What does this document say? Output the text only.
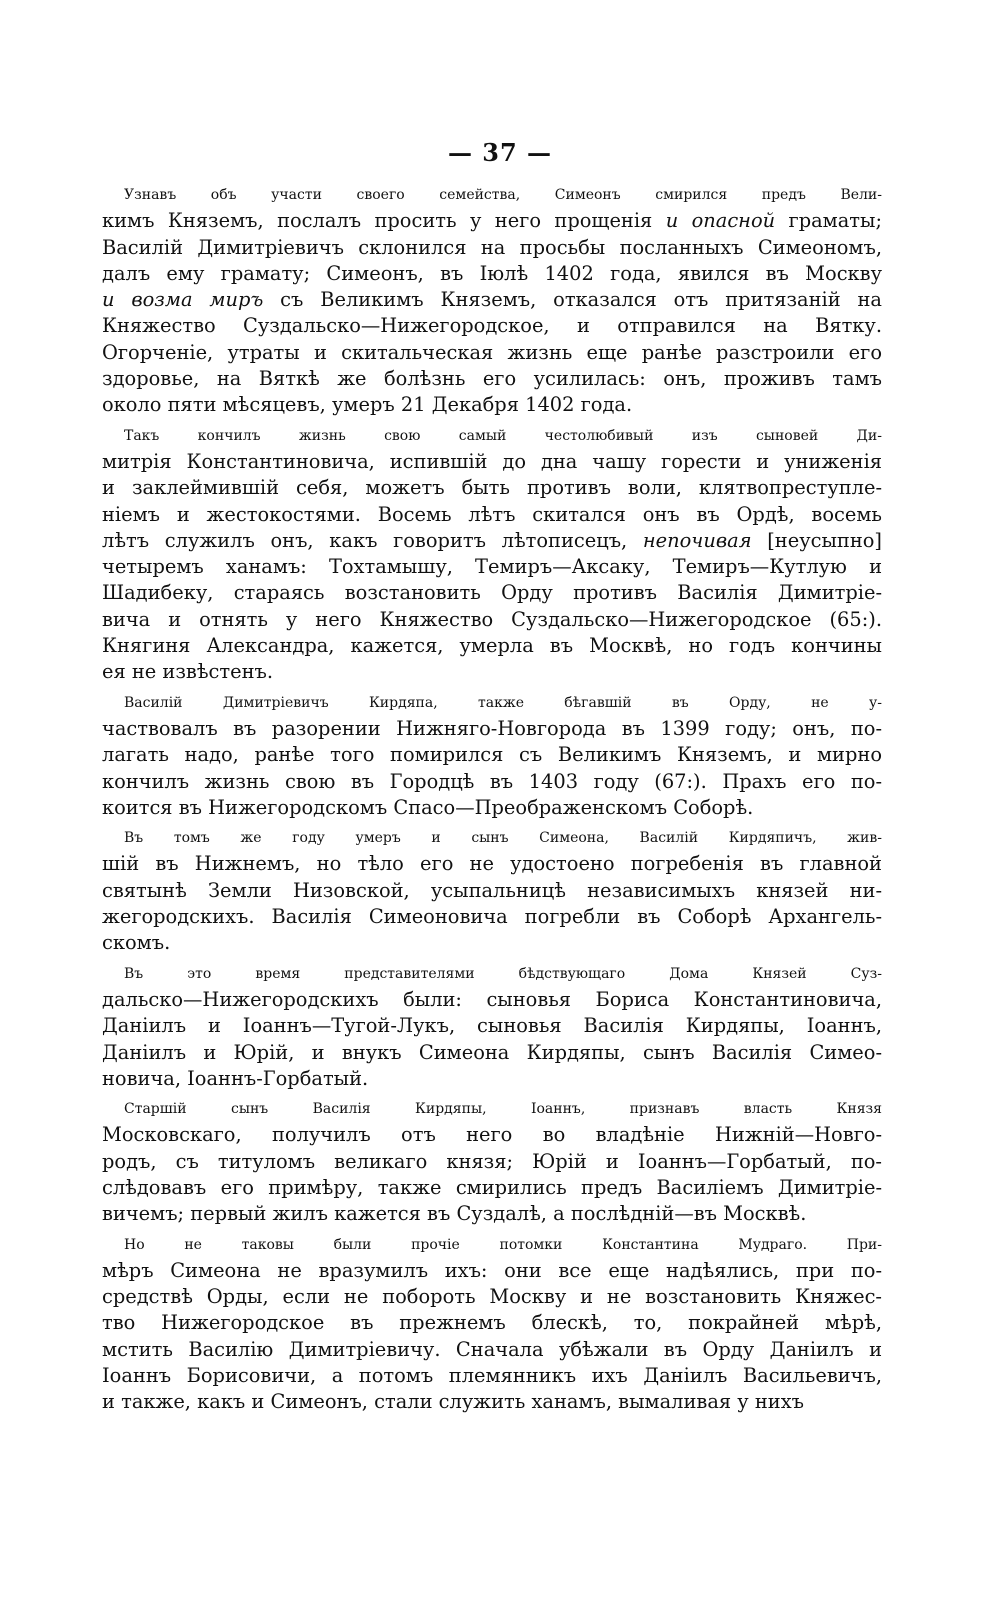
— 37 —
Узнавъ объ участи своего семейства, Симеонъ смирился предъ Вели-
кимъ Княземъ, послалъ просить у него прощенія и опасной граматы;
Василій Димитріевичъ склонился на просьбы посланныхъ Симеономъ,
далъ ему грамату; Симеонъ, въ Іюлѣ 1402 года, явился въ Москву
и возма миръ съ Великимъ Княземъ, отказался отъ притязаній на
Княжество Суздальско—Нижегородское, и отправился на Вятку.
Огорченіе, утраты и скитальческая жизнь еще ранѣе разстроили его
здоровье, на Вяткѣ же болѣзнь его усилилась: онъ, проживъ тамъ
около пяти мѣсяцевъ, умеръ 21 Декабря 1402 года.
Такъ кончилъ жизнь свою самый честолюбивый изъ сыновей Ди-
митрія Константиновича, испившій до дна чашу горести и униженія
и заклеймившій себя, можетъ быть противъ воли, клятвопреступле-
ніемъ и жестокостями. Восемь лѣтъ скитался онъ въ Ордѣ, восемь
лѣтъ служилъ онъ, какъ говоритъ лѣтописецъ, непочивая [неусыпно]
четыремъ ханамъ: Тохтамышу, Темиръ—Аксаку, Темиръ—Кутлую и
Шадибеку, стараясь возстановить Орду противъ Василія Димитріе-
вича и отнять у него Княжество Суздальско—Нижегородское (65:).
Княгиня Александра, кажется, умерла въ Москвѣ, но годъ кончины
ея не извѣстенъ.
Василій Димитріевичъ Кирдяпа, также бѣгавшій въ Орду, не у-
частвовалъ въ разорении Нижняго-Новгорода въ 1399 году; онъ, по-
лагать надо, ранѣе того помирился съ Великимъ Княземъ, и мирно
кончилъ жизнь свою въ Городцѣ въ 1403 году (67:). Прахъ его по-
коится въ Нижегородскомъ Спасо—Преображенскомъ Соборѣ.
Въ томъ же году умеръ и сынъ Симеона, Василій Кирдяпичъ, жив-
шій въ Нижнемъ, но тѣло его не удостоено погребенія въ главной
святынѣ Земли Низовской, усыпальницѣ независимыхъ князей ни-
жегородскихъ. Василія Симеоновича погребли въ Соборѣ Архангель-
скомъ.
Въ это время представителями бѣдствующаго Дома Князей Суз-
дальско—Нижегородскихъ были: сыновья Бориса Константиновича,
Даніилъ и Іоаннъ—Тугой-Лукъ, сыновья Василія Кирдяпы, Іоаннъ,
Даніилъ и Юрій, и внукъ Симеона Кирдяпы, сынъ Василія Симео-
новича, Іоаннъ-Горбатый.
Старшій сынъ Василія Кирдяпы, Іоаннъ, признавъ власть Князя
Московскаго, получилъ отъ него во владѣніе Нижній—Новго-
родъ, съ титуломъ великаго князя; Юрій и Іоаннъ—Горбатый, по-
слѣдовавъ его примѣру, также смирились предъ Василіемъ Димитріе-
вичемъ; первый жилъ кажется въ Суздалѣ, а послѣдній—въ Москвѣ.
Но не таковы были прочіе потомки Константина Мудраго. При-
мѣръ Симеона не вразумилъ ихъ: они все еще надѣялись, при по-
средствѣ Орды, если не побороть Москву и не возстановить Княжес-
тво Нижегородское въ прежнемъ блескѣ, то, покрайней мѣрѣ,
мстить Василію Димитріевичу. Сначала убѣжали въ Орду Даніилъ и
Іоаннъ Борисовичи, а потомъ племянникъ ихъ Даніилъ Васильевичъ,
и также, какъ и Симеонъ, стали служить ханамъ, вымаливая у нихъ
